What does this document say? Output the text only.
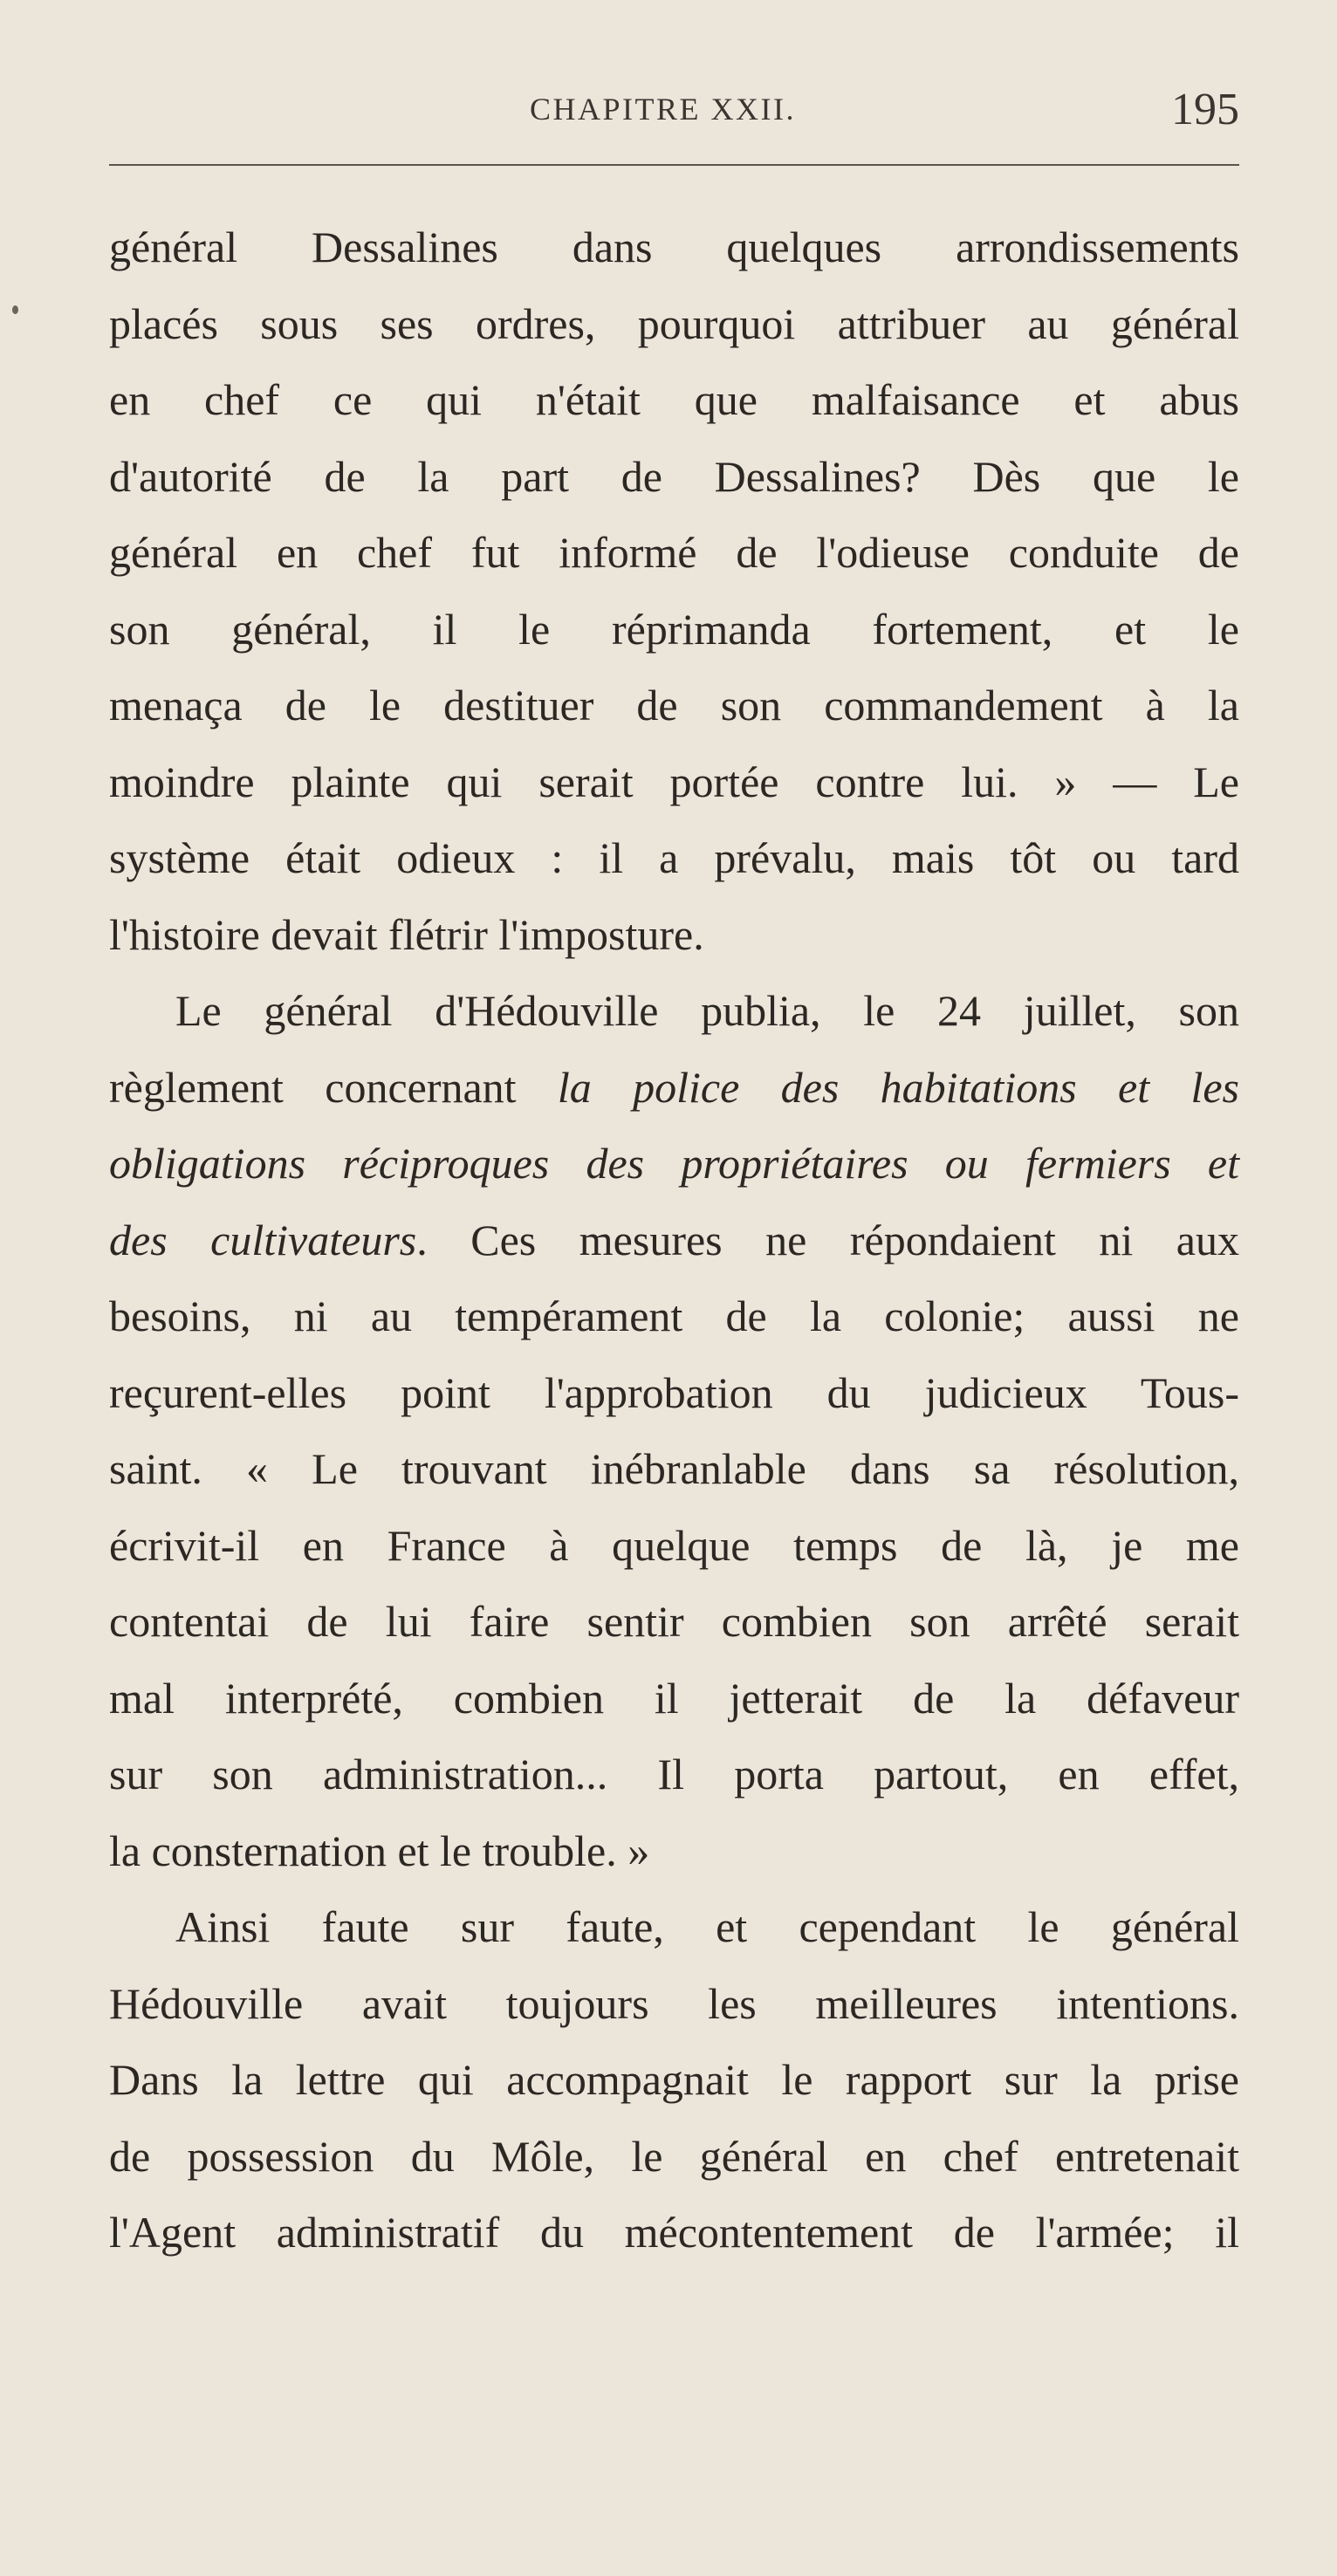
CHAPITRE XXII.	195
général Dessalines dans quelques arrondissements
placés sous ses ordres, pourquoi attribuer au général
en chef ce qui n'était que malfaisance et abus
d'autorité de la part de Dessalines? Dès que le
général en chef fut informé de l'odieuse conduite de
son général, il le réprimanda fortement, et le
menaça de le destituer de son commandement à la
moindre plainte qui serait portée contre lui. » — Le
système était odieux : il a prévalu, mais tôt ou tard
l'histoire devait flétrir l'imposture.
Le général d'Hédouville publia, le 24 juillet, son
règlement concernant la police des habitations et les
obligations réciproques des propriétaires ou fermiers et
des cultivateurs. Ces mesures ne répondaient ni aux
besoins, ni au tempérament de la colonie; aussi ne
reçurent-elles point l'approbation du judicieux Tous-
saint. « Le trouvant inébranlable dans sa résolution,
écrivit-il en France à quelque temps de là, je me
contentai de lui faire sentir combien son arrêté serait
mal interprété, combien il jetterait de la défaveur
sur son administration... Il porta partout, en effet,
la consternation et le trouble. »
Ainsi faute sur faute, et cependant le général
Hédouville avait toujours les meilleures intentions.
Dans la lettre qui accompagnait le rapport sur la prise
de possession du Môle, le général en chef entretenait
l'Agent administratif du mécontentement de l'armée; il
